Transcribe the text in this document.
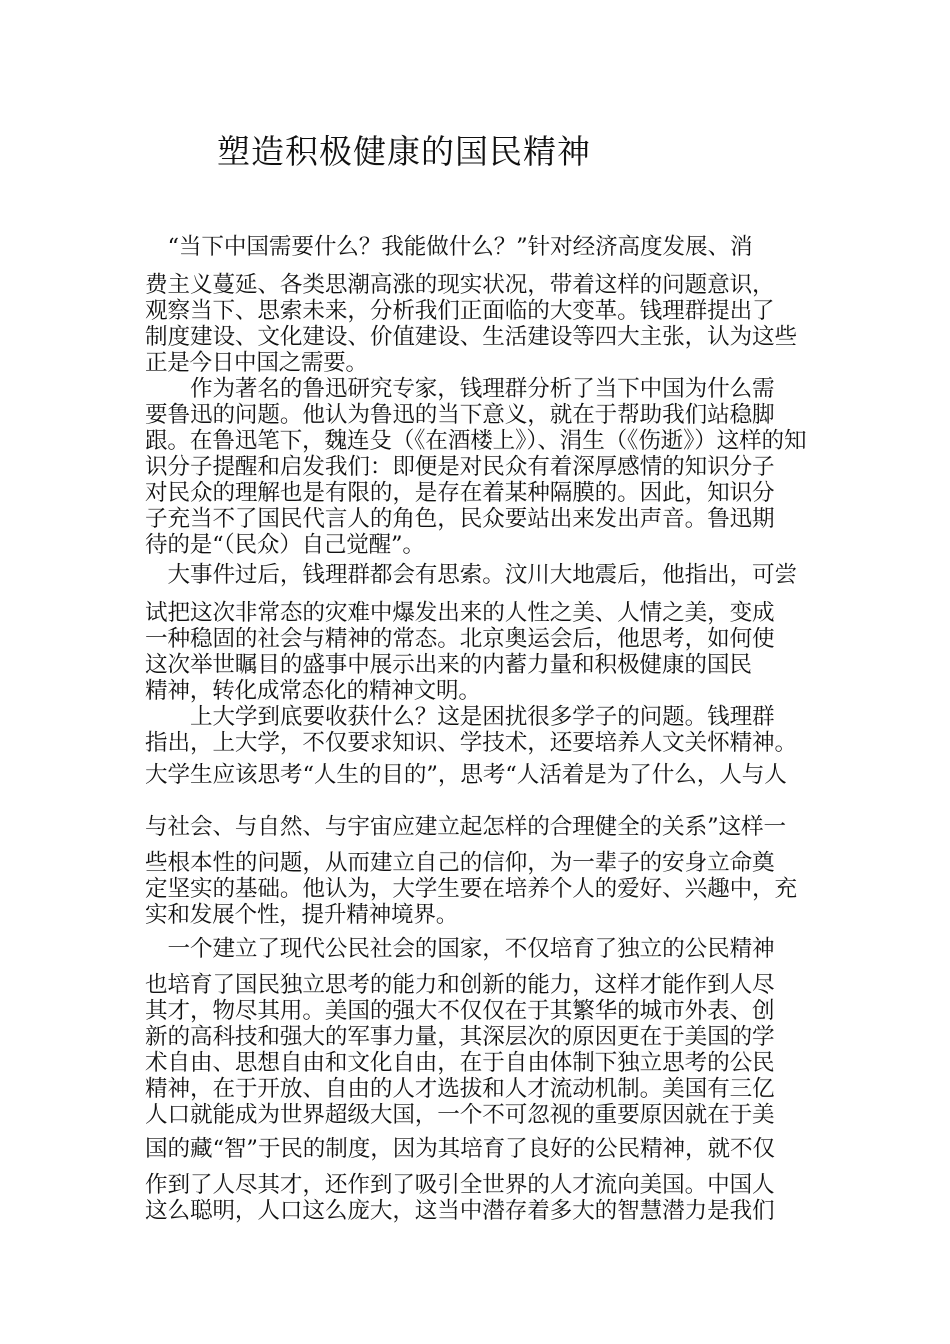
塑造积极健康的国民精神

　“当下中国需要什么？我能做什么？”针对经济高度发展、消

费主义蔓延、各类思潮高涨的现实状况，带着这样的问题意识，

观察当下、思索未来，分析我们正面临的大变革。钱理群提出了

制度建设、文化建设、价值建设、生活建设等四大主张，认为这些

正是今日中国之需要。

　　作为著名的鲁迅研究专家，钱理群分析了当下中国为什么需

要鲁迅的问题。他认为鲁迅的当下意义，就在于帮助我们站稳脚

跟。在鲁迅笔下，魏连殳（《在酒楼上》）、涓生（《伤逝》）这样的知

识分子提醒和启发我们：即便是对民众有着深厚感情的知识分子

对民众的理解也是有限的，是存在着某种隔膜的。因此，知识分

子充当不了国民代言人的角色，民众要站出来发出声音。鲁迅期

待的是“（民众）自己觉醒”。

　大事件过后，钱理群都会有思索。汶川大地震后，他指出，可尝

试把这次非常态的灾难中爆发出来的人性之美、人情之美，变成

一种稳固的社会与精神的常态。北京奥运会后，他思考，如何使

这次举世瞩目的盛事中展示出来的内蓄力量和积极健康的国民

精神，转化成常态化的精神文明。

　　上大学到底要收获什么？这是困扰很多学子的问题。钱理群

指出，上大学，不仅要求知识、学技术，还要培养人文关怀精神。

大学生应该思考“人生的目的”，思考“人活着是为了什么，人与人

与社会、与自然、与宇宙应建立起怎样的合理健全的关系”这样一

些根本性的问题，从而建立自己的信仰，为一辈子的安身立命奠

定坚实的基础。他认为，大学生要在培养个人的爱好、兴趣中，充

实和发展个性，提升精神境界。

　一个建立了现代公民社会的国家，不仅培育了独立的公民精神

也培育了国民独立思考的能力和创新的能力，这样才能作到人尽

其才，物尽其用。美国的强大不仅仅在于其繁华的城市外表、创

新的高科技和强大的军事力量，其深层次的原因更在于美国的学

术自由、思想自由和文化自由，在于自由体制下独立思考的公民

精神，在于开放、自由的人才选拔和人才流动机制。美国有三亿

人口就能成为世界超级大国，一个不可忽视的重要原因就在于美

国的藏“智”于民的制度，因为其培育了良好的公民精神，就不仅

作到了人尽其才，还作到了吸引全世界的人才流向美国。中国人

这么聪明，人口这么庞大，这当中潜存着多大的智慧潜力是我们
